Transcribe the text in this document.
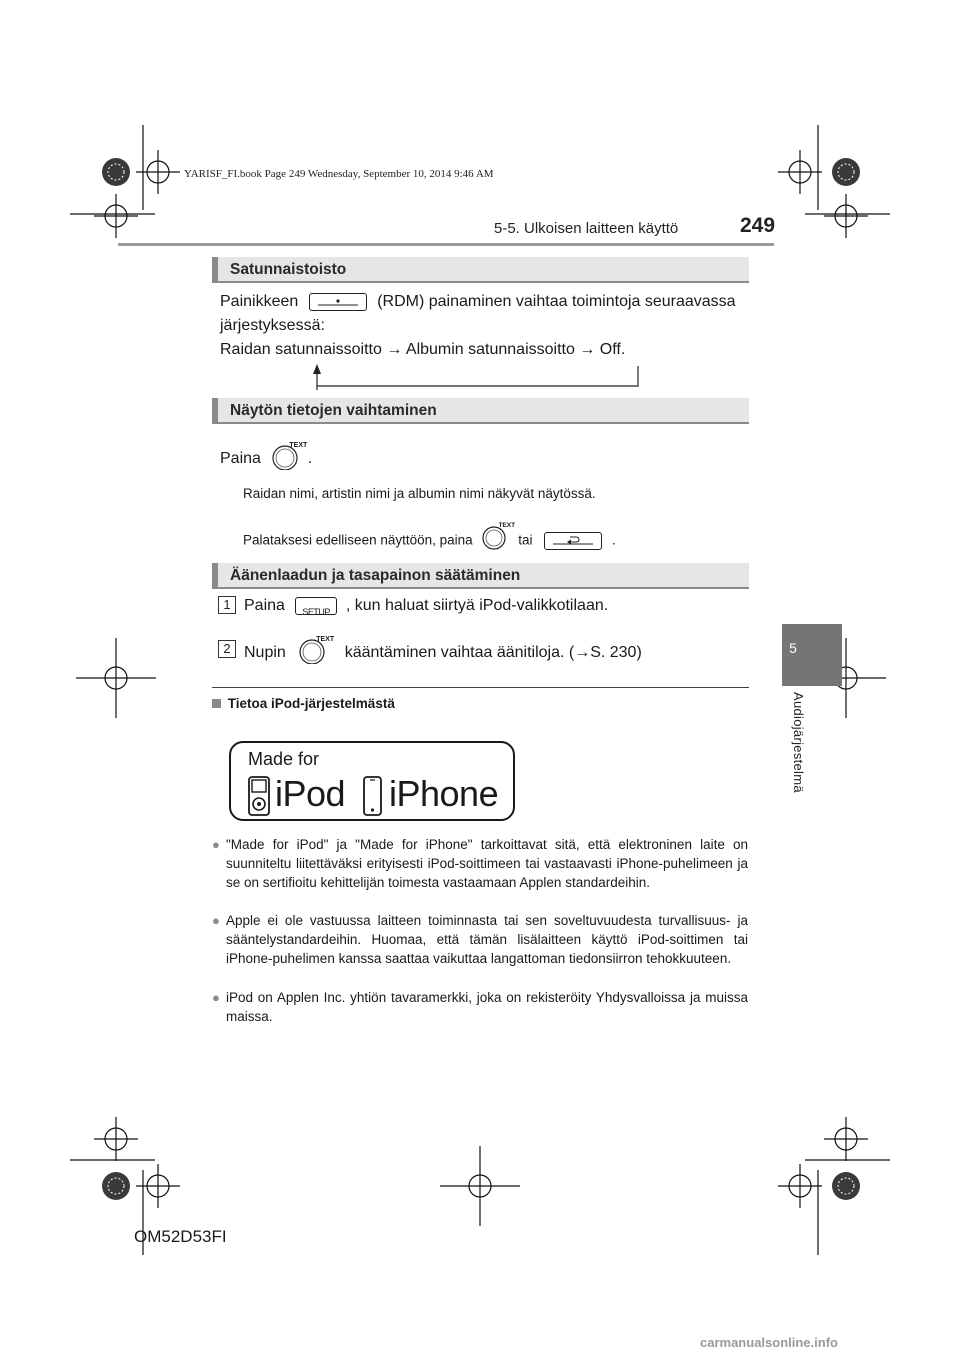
YARISF_FI.book Page 249 Wednesday, September 10, 2014 9:46 AM
5-5. Ulkoisen laitteen käyttö	249
5
Audiojärjestelmä
Satunnaistoisto
Painikkeen	(RDM) painaminen vaihtaa toimintoja seuraavassa
järjestyksessä:
Raidan satunnaissoitto → Albumin satunnaissoitto → Off.
Näytön tietojen vaihtaminen
Paina
TEXT
.
Raidan nimi, artistin nimi ja albumin nimi näkyvät näytössä.
Palataksesi edelliseen näyttöön, paina
TEXT
tai	.
Äänenlaadun ja tasapainon säätäminen
1 Paina SETUP , kun haluat siirtyä iPod-valikkotilaan.
2 Nupin
TEXT
kääntäminen vaihtaa äänitiloja. (→S. 230)
Tietoa iPod-järjestelmästä
Made for
iPod iPhone
● "Made for iPod" ja "Made for iPhone" tarkoittavat sitä, että elektroninen laite on suunniteltu liitettäväksi erityisesti iPod-soittimeen tai vastaavasti iPhone-puhelimeen ja se on sertifioitu kehittelijän toimesta vastaamaan Applen standardeihin.
● Apple ei ole vastuussa laitteen toiminnasta tai sen soveltuvuudesta turvallisuus- ja sääntelystandardeihin. Huomaa, että tämän lisälaitteen käyttö iPod-soittimen tai iPhone-puhelimen kanssa saattaa vaikuttaa langattoman tiedonsiirron tehokkuuteen.
● iPod on Applen Inc. yhtiön tavaramerkki, joka on rekisteröity Yhdysvalloissa ja muissa maissa.
OM52D53FI
carmanualsonline.info
